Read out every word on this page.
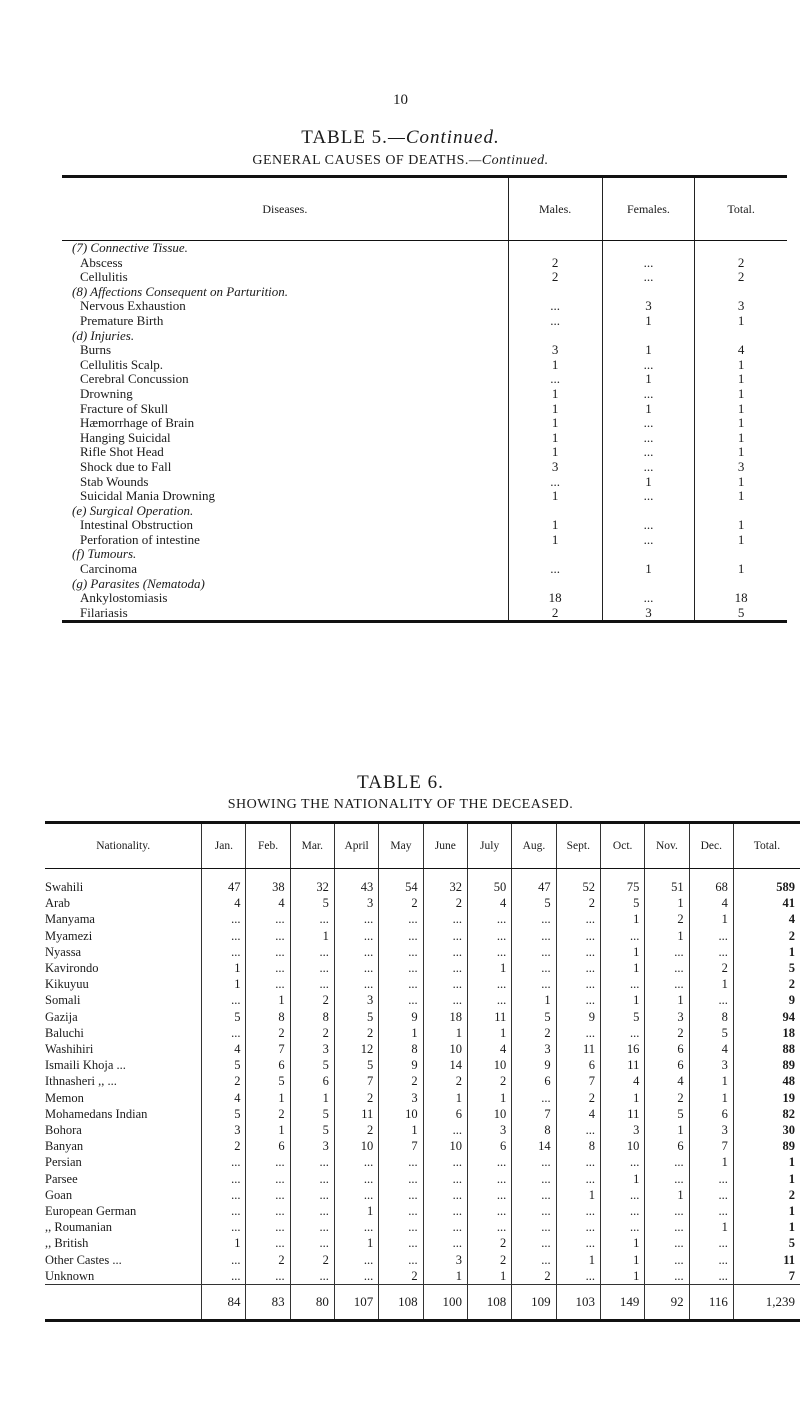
10
TABLE 5.—Continued.
GENERAL CAUSES OF DEATHS.—Continued.
Diseases.	Males.	Females.	Total.
(7) Connective Tissue.			
Abscess	2	...	2
Cellulitis	2	...	2
(8) Affections Consequent on Parturition.			
Nervous Exhaustion	...	3	3
Premature Birth	...	1	1
(d) Injuries.			
Burns	3	1	4
Cellulitis Scalp.	1	...	1
Cerebral Concussion	...	1	1
Drowning	1	...	1
Fracture of Skull	1	1	1
Hæmorrhage of Brain	1	...	1
Hanging Suicidal	1	...	1
Rifle Shot Head	1	...	1
Shock due to Fall	3	...	3
Stab Wounds	...	1	1
Suicidal Mania Drowning	1	...	1
(e) Surgical Operation.			
Intestinal Obstruction	1	...	1
Perforation of intestine	1	...	1
(f) Tumours.			
Carcinoma	...	1	1
(g) Parasites (Nematoda)			
Ankylostomiasis	18	...	18
Filariasis	2	3	5
TABLE 6.
SHOWING THE NATIONALITY OF THE DECEASED.
Nationality.	Jan.	Feb.	Mar.	April	May	June	July	Aug.	Sept.	Oct.	Nov.	Dec.	Total.

Swahili	47	38	32	43	54	32	50	47	52	75	51	68	589
Arab	4	4	5	3	2	2	4	5	2	5	1	4	41
Manyama	...	...	...	...	...	...	...	...	...	1	2	1	4
Myamezi	...	...	1	...	...	...	...	...	...	...	1	...	2
Nyassa	...	...	...	...	...	...	...	...	...	1	...	...	1
Kavirondo	1	...	...	...	...	...	1	...	...	1	...	2	5
Kikuyuu	1	...	...	...	...	...	...	...	...	...	...	1	2
Somali	...	1	2	3	...	...	...	1	...	1	1	...	9
Gazija	5	8	8	5	9	18	11	5	9	5	3	8	94
Baluchi	...	2	2	2	1	1	1	2	...	...	2	5	18
Washihiri	4	7	3	12	8	10	4	3	11	16	6	4	88
Ismaili Khoja ...	5	6	5	5	9	14	10	9	6	11	6	3	89
Ithnasheri ,, ...	2	5	6	7	2	2	2	6	7	4	4	1	48
Memon	4	1	1	2	3	1	1	...	2	1	2	1	19
Mohamedans Indian	5	2	5	11	10	6	10	7	4	11	5	6	82
Bohora	3	1	5	2	1	...	3	8	...	3	1	3	30
Banyan	2	6	3	10	7	10	6	14	8	10	6	7	89
Persian	...	...	...	...	...	...	...	...	...	...	...	1	1
Parsee	...	...	...	...	...	...	...	...	...	1	...	...	1
Goan	...	...	...	...	...	...	...	...	1	...	1	...	2
European German	...	...	...	1	...	...	...	...	...	...	...	...	1
,, Roumanian	...	...	...	...	...	...	...	...	...	...	...	1	1
,, British	1	...	...	1	...	...	2	...	...	1	...	...	5
Other Castes ...	...	2	2	...	...	3	2	...	1	1	...	...	11
Unknown	...	...	...	...	2	1	1	2	...	1	...	...	7
	84	83	80	107	108	100	108	109	103	149	92	116	1,239
